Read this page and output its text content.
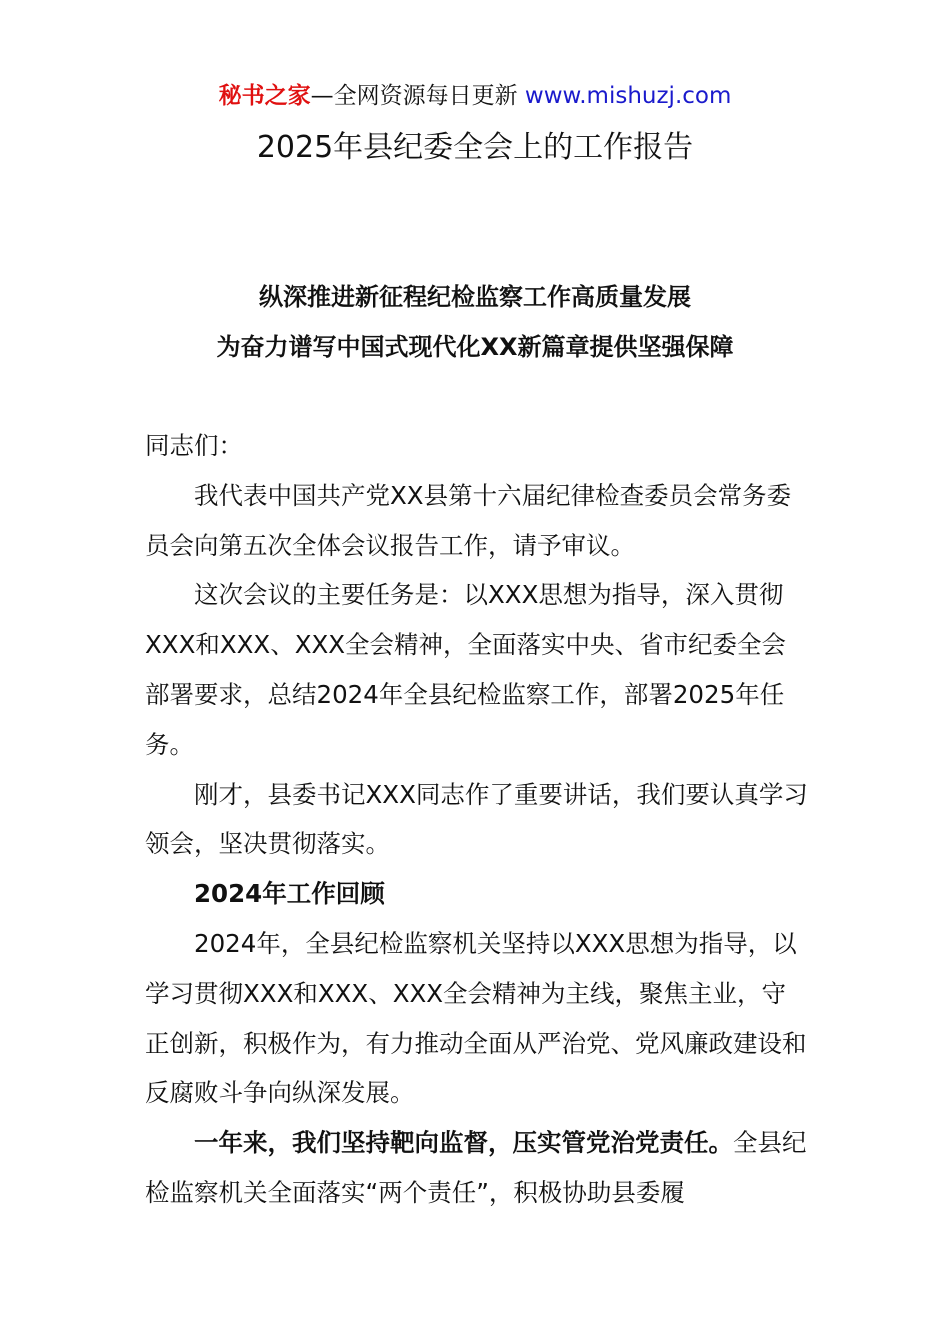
秘书之家—全网资源每日更新 www.mishuzj.com
2025年县纪委全会上的工作报告
纵深推进新征程纪检监察工作高质量发展
为奋力谱写中国式现代化XX新篇章提供坚强保障

同志们：

我代表中国共产党XX县第十六届纪律检查委员会常务委员会向第五次全体会议报告工作，请予审议。

这次会议的主要任务是：以XXX思想为指导，深入贯彻XXX和XXX、XXX全会精神，全面落实中央、省市纪委全会部署要求，总结2024年全县纪检监察工作，部署2025年任务。

刚才，县委书记XXX同志作了重要讲话，我们要认真学习领会，坚决贯彻落实。

2024年工作回顾

2024年，全县纪检监察机关坚持以XXX思想为指导，以学习贯彻XXX和XXX、XXX全会精神为主线，聚焦主业，守正创新，积极作为，有力推动全面从严治党、党风廉政建设和反腐败斗争向纵深发展。

一年来，我们坚持靶向监督，压实管党治党责任。全县纪检监察机关全面落实“两个责任”，积极协助县委履
